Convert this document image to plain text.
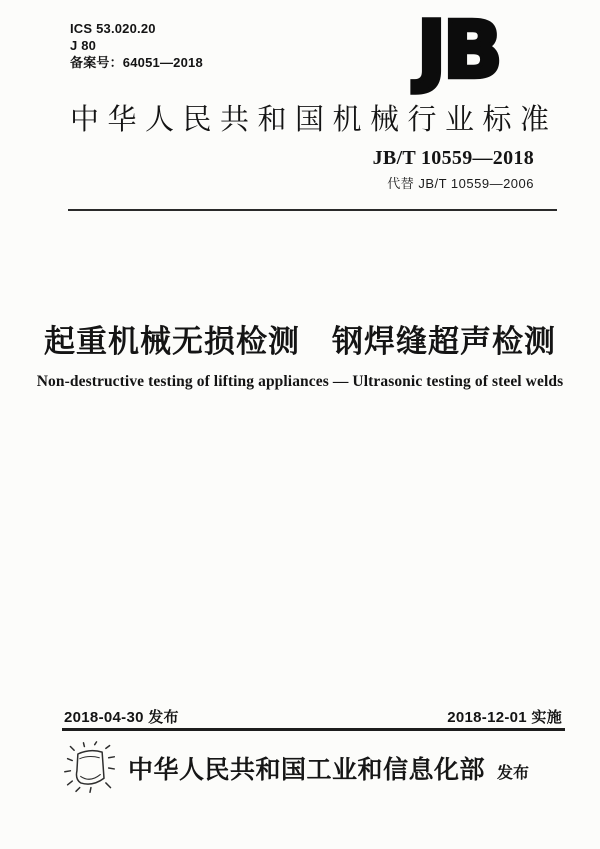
ICS 53.020.20
J 80
备案号：64051—2018	JB
中华人民共和国机械行业标准
JB/T 10559—2018
代替 JB/T 10559—2006
起重机械无损检测　钢焊缝超声检测
Non-destructive testing of lifting appliances — Ultrasonic testing of steel welds
2018-04-30 发布	2018-12-01 实施
中华人民共和国工业和信息化部 发布
